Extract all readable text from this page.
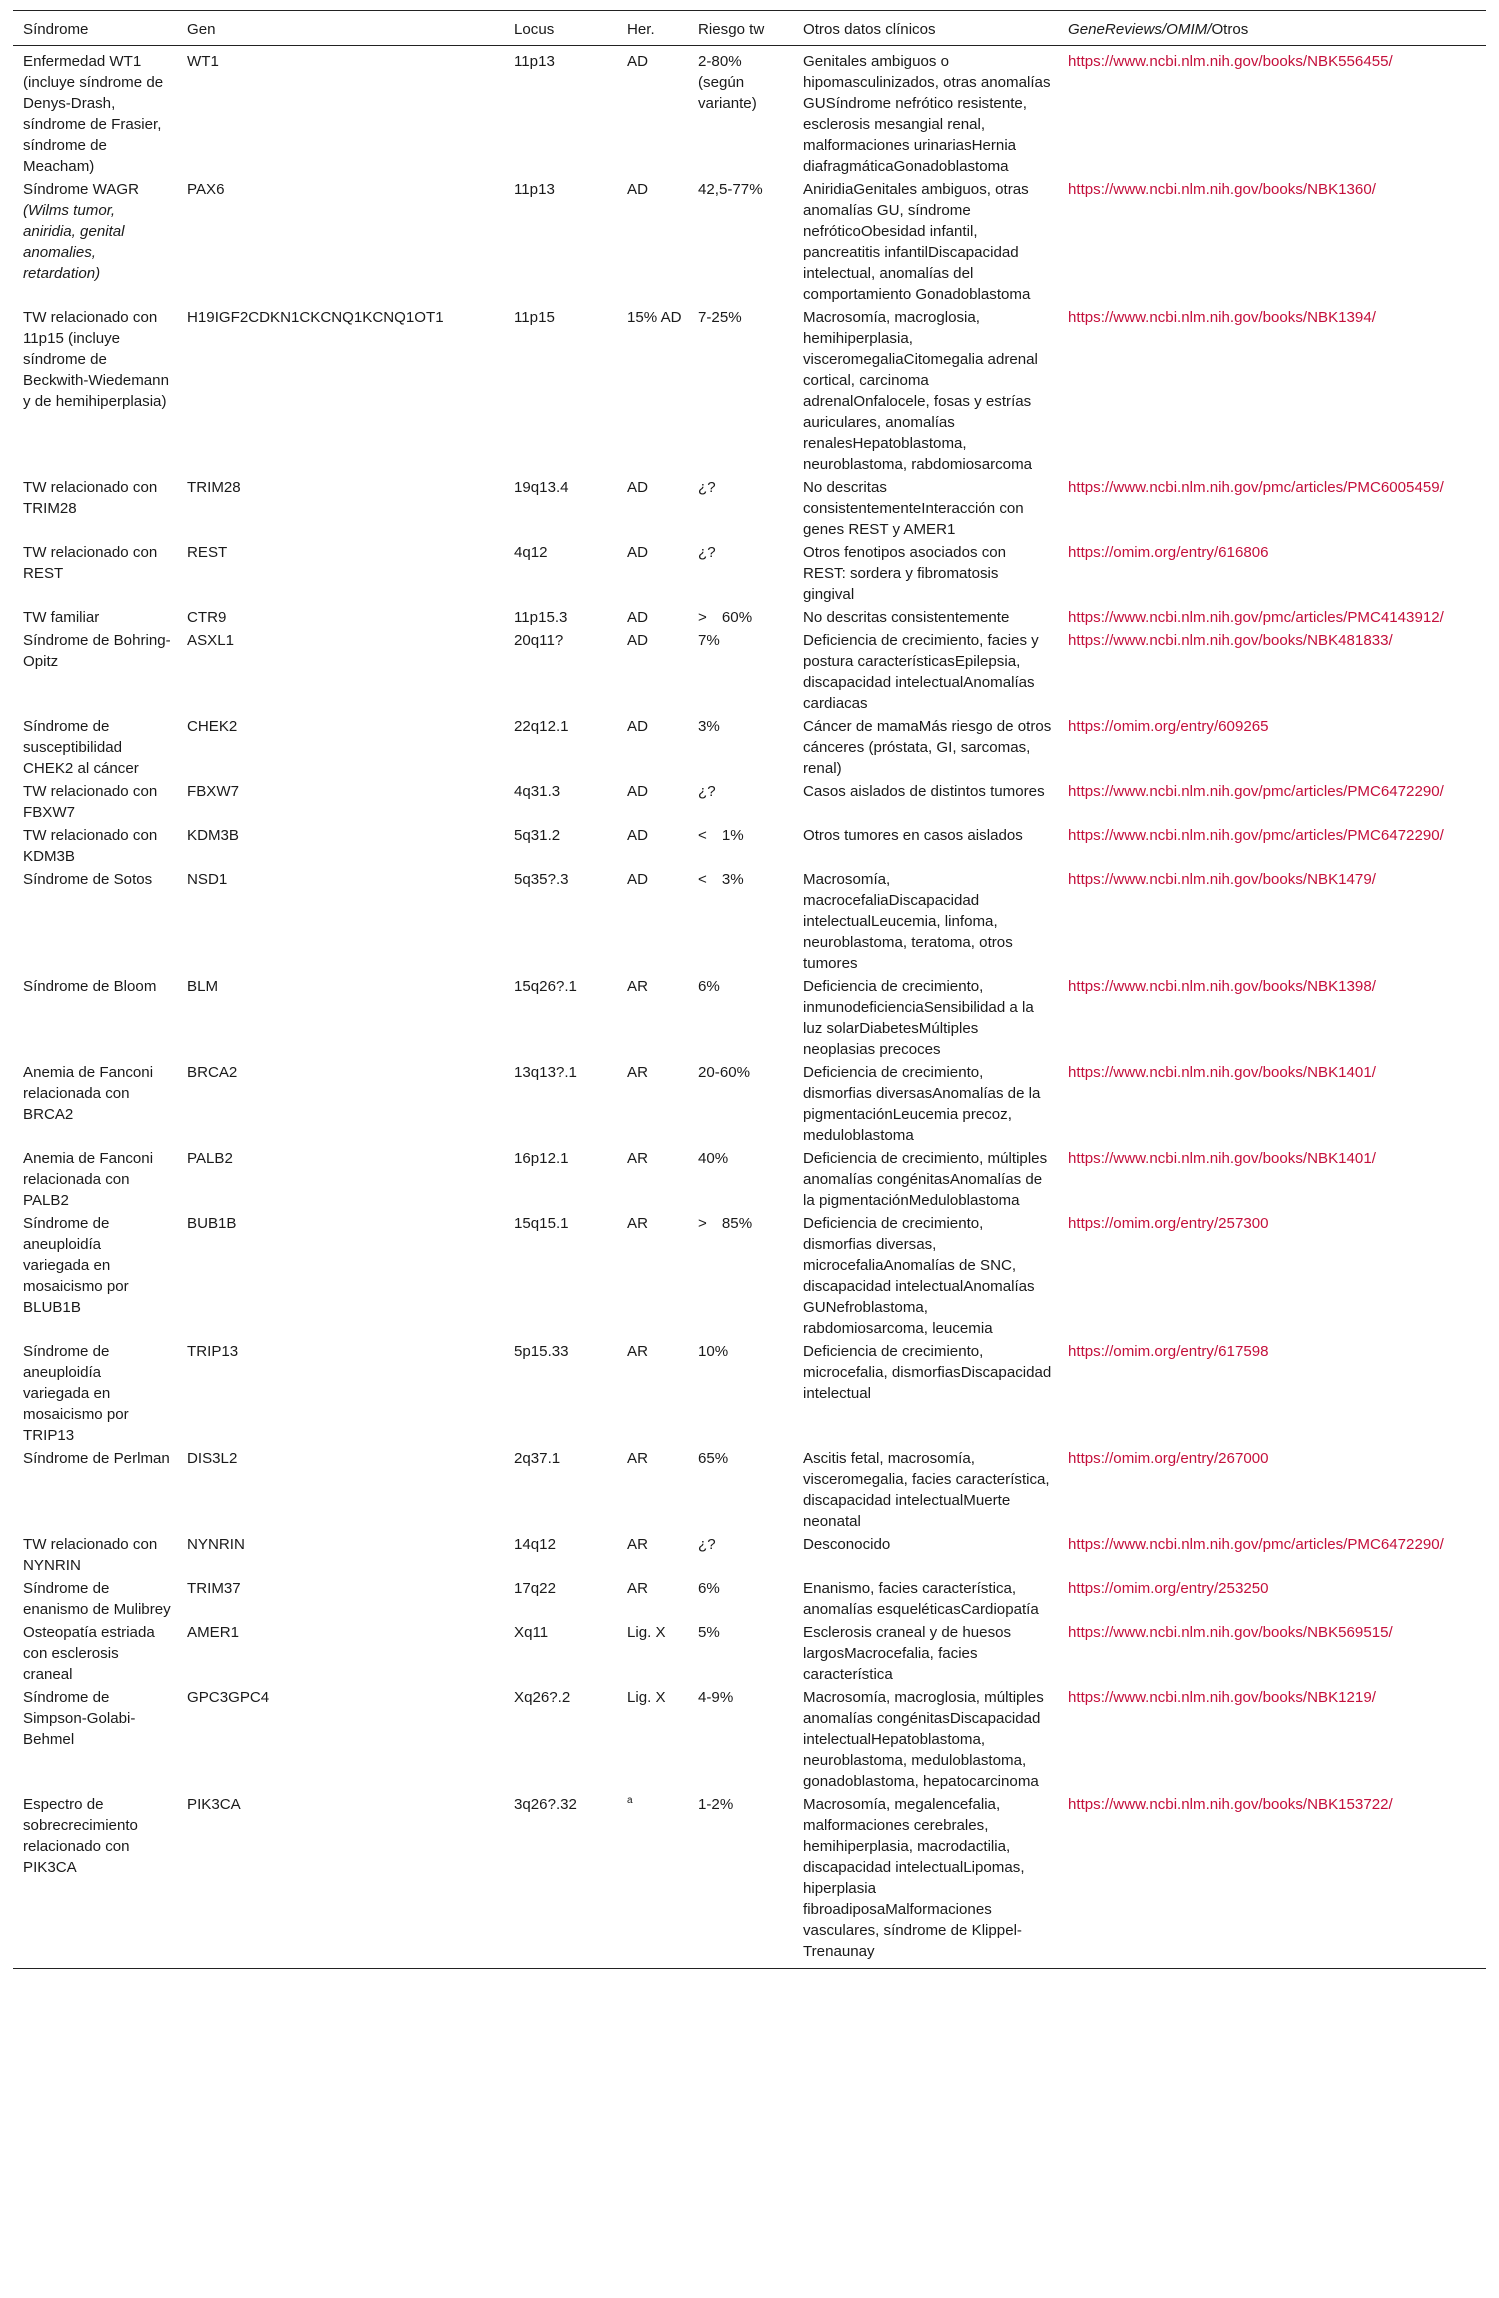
Síndrome	Gen	Locus	Her.	Riesgo tw	Otros datos clínicos	GeneReviews/OMIM/Otros
Enfermedad WT1 (incluye síndrome de Denys-Drash, síndrome de Frasier, síndrome de Meacham)	WT1	11p13	AD	2-80% (según variante)	Genitales ambiguos o hipomasculinizados, otras anomalías GUSíndrome nefrótico resistente, esclerosis mesangial renal, malformaciones urinariasHernia diafragmáticaGonadoblastoma	https://www.ncbi.nlm.nih.gov/books/NBK556455/
Síndrome WAGR (Wilms tumor, aniridia, genital anomalies, retardation)	PAX6	11p13	AD	42,5-77%	AniridiaGenitales ambiguos, otras anomalías GU, síndrome nefróticoObesidad infantil, pancreatitis infantilDiscapacidad intelectual, anomalías del comportamiento Gonadoblastoma	https://www.ncbi.nlm.nih.gov/books/NBK1360/
TW relacionado con 11p15 (incluye síndrome de Beckwith-Wiedemann y de hemihiperplasia)	H19IGF2CDKN1CKCNQ1KCNQ1OT1	11p15	15% AD	7-25%	Macrosomía, macroglosia, hemihiperplasia, visceromegaliaCitomegalia adrenal cortical, carcinoma adrenalOnfalocele, fosas y estrías auriculares, anomalías renalesHepatoblastoma, neuroblastoma, rabdomiosarcoma	https://www.ncbi.nlm.nih.gov/books/NBK1394/
TW relacionado con TRIM28	TRIM28	19q13.4	AD	¿?	No descritas consistentementeInteracción con genes REST y AMER1	https://www.ncbi.nlm.nih.gov/pmc/articles/PMC6005459/
TW relacionado con REST	REST	4q12	AD	¿?	Otros fenotipos asociados con REST: sordera y fibromatosis gingival	https://omim.org/entry/616806
TW familiar	CTR9	11p15.3	AD	>  60%	No descritas consistentemente	https://www.ncbi.nlm.nih.gov/pmc/articles/PMC4143912/
Síndrome de Bohring-Opitz	ASXL1	20q11?	AD	7%	Deficiencia de crecimiento, facies y postura característicasEpilepsia, discapacidad intelectualAnomalías cardiacas	https://www.ncbi.nlm.nih.gov/books/NBK481833/
Síndrome de susceptibilidad CHEK2 al cáncer	CHEK2	22q12.1	AD	3%	Cáncer de mamaMás riesgo de otros cánceres (próstata, GI, sarcomas, renal)	https://omim.org/entry/609265
TW relacionado con FBXW7	FBXW7	4q31.3	AD	¿?	Casos aislados de distintos tumores	https://www.ncbi.nlm.nih.gov/pmc/articles/PMC6472290/
TW relacionado con KDM3B	KDM3B	5q31.2	AD	<  1%	Otros tumores en casos aislados	https://www.ncbi.nlm.nih.gov/pmc/articles/PMC6472290/
Síndrome de Sotos	NSD1	5q35?.3	AD	<  3%	Macrosomía, macrocefaliaDiscapacidad intelectualLeucemia, linfoma, neuroblastoma, teratoma, otros tumores	https://www.ncbi.nlm.nih.gov/books/NBK1479/
Síndrome de Bloom	BLM	15q26?.1	AR	6%	Deficiencia de crecimiento, inmunodeficienciaSensibilidad a la luz solarDiabetesMúltiples neoplasias precoces	https://www.ncbi.nlm.nih.gov/books/NBK1398/
Anemia de Fanconi relacionada con BRCA2	BRCA2	13q13?.1	AR	20-60%	Deficiencia de crecimiento, dismorfias diversasAnomalías de la pigmentaciónLeucemia precoz, meduloblastoma	https://www.ncbi.nlm.nih.gov/books/NBK1401/
Anemia de Fanconi relacionada con PALB2	PALB2	16p12.1	AR	40%	Deficiencia de crecimiento, múltiples anomalías congénitasAnomalías de la pigmentaciónMeduloblastoma	https://www.ncbi.nlm.nih.gov/books/NBK1401/
Síndrome de aneuploidía variegada en mosaicismo por BLUB1B	BUB1B	15q15.1	AR	>  85%	Deficiencia de crecimiento, dismorfias diversas, microcefaliaAnomalías de SNC, discapacidad intelectualAnomalías GUNefroblastoma, rabdomiosarcoma, leucemia	https://omim.org/entry/257300
Síndrome de aneuploidía variegada en mosaicismo por TRIP13	TRIP13	5p15.33	AR	10%	Deficiencia de crecimiento, microcefalia, dismorfiasDiscapacidad intelectual	https://omim.org/entry/617598
Síndrome de Perlman	DIS3L2	2q37.1	AR	65%	Ascitis fetal, macrosomía, visceromegalia, facies característica, discapacidad intelectualMuerte neonatal	https://omim.org/entry/267000
TW relacionado con NYNRIN	NYNRIN	14q12	AR	¿?	Desconocido	https://www.ncbi.nlm.nih.gov/pmc/articles/PMC6472290/
Síndrome de enanismo de Mulibrey	TRIM37	17q22	AR	6%	Enanismo, facies característica, anomalías esqueléticasCardiopatía	https://omim.org/entry/253250
Osteopatía estriada con esclerosis craneal	AMER1	Xq11	Lig. X	5%	Esclerosis craneal y de huesos largosMacrocefalia, facies característica	https://www.ncbi.nlm.nih.gov/books/NBK569515/
Síndrome de Simpson-Golabi-Behmel	GPC3GPC4	Xq26?.2	Lig. X	4-9%	Macrosomía, macroglosia, múltiples anomalías congénitasDiscapacidad intelectualHepatoblastoma, neuroblastoma, meduloblastoma, gonadoblastoma, hepatocarcinoma	https://www.ncbi.nlm.nih.gov/books/NBK1219/
Espectro de sobrecrecimiento relacionado con PIK3CA	PIK3CA	3q26?.32	$^a$	1-2%	Macrosomía, megalencefalia, malformaciones cerebrales, hemihiperplasia, macrodactilia, discapacidad intelectualLipomas, hiperplasia fibroadiposaMalformaciones vasculares, síndrome de Klippel-Trenaunay	https://www.ncbi.nlm.nih.gov/books/NBK153722/
